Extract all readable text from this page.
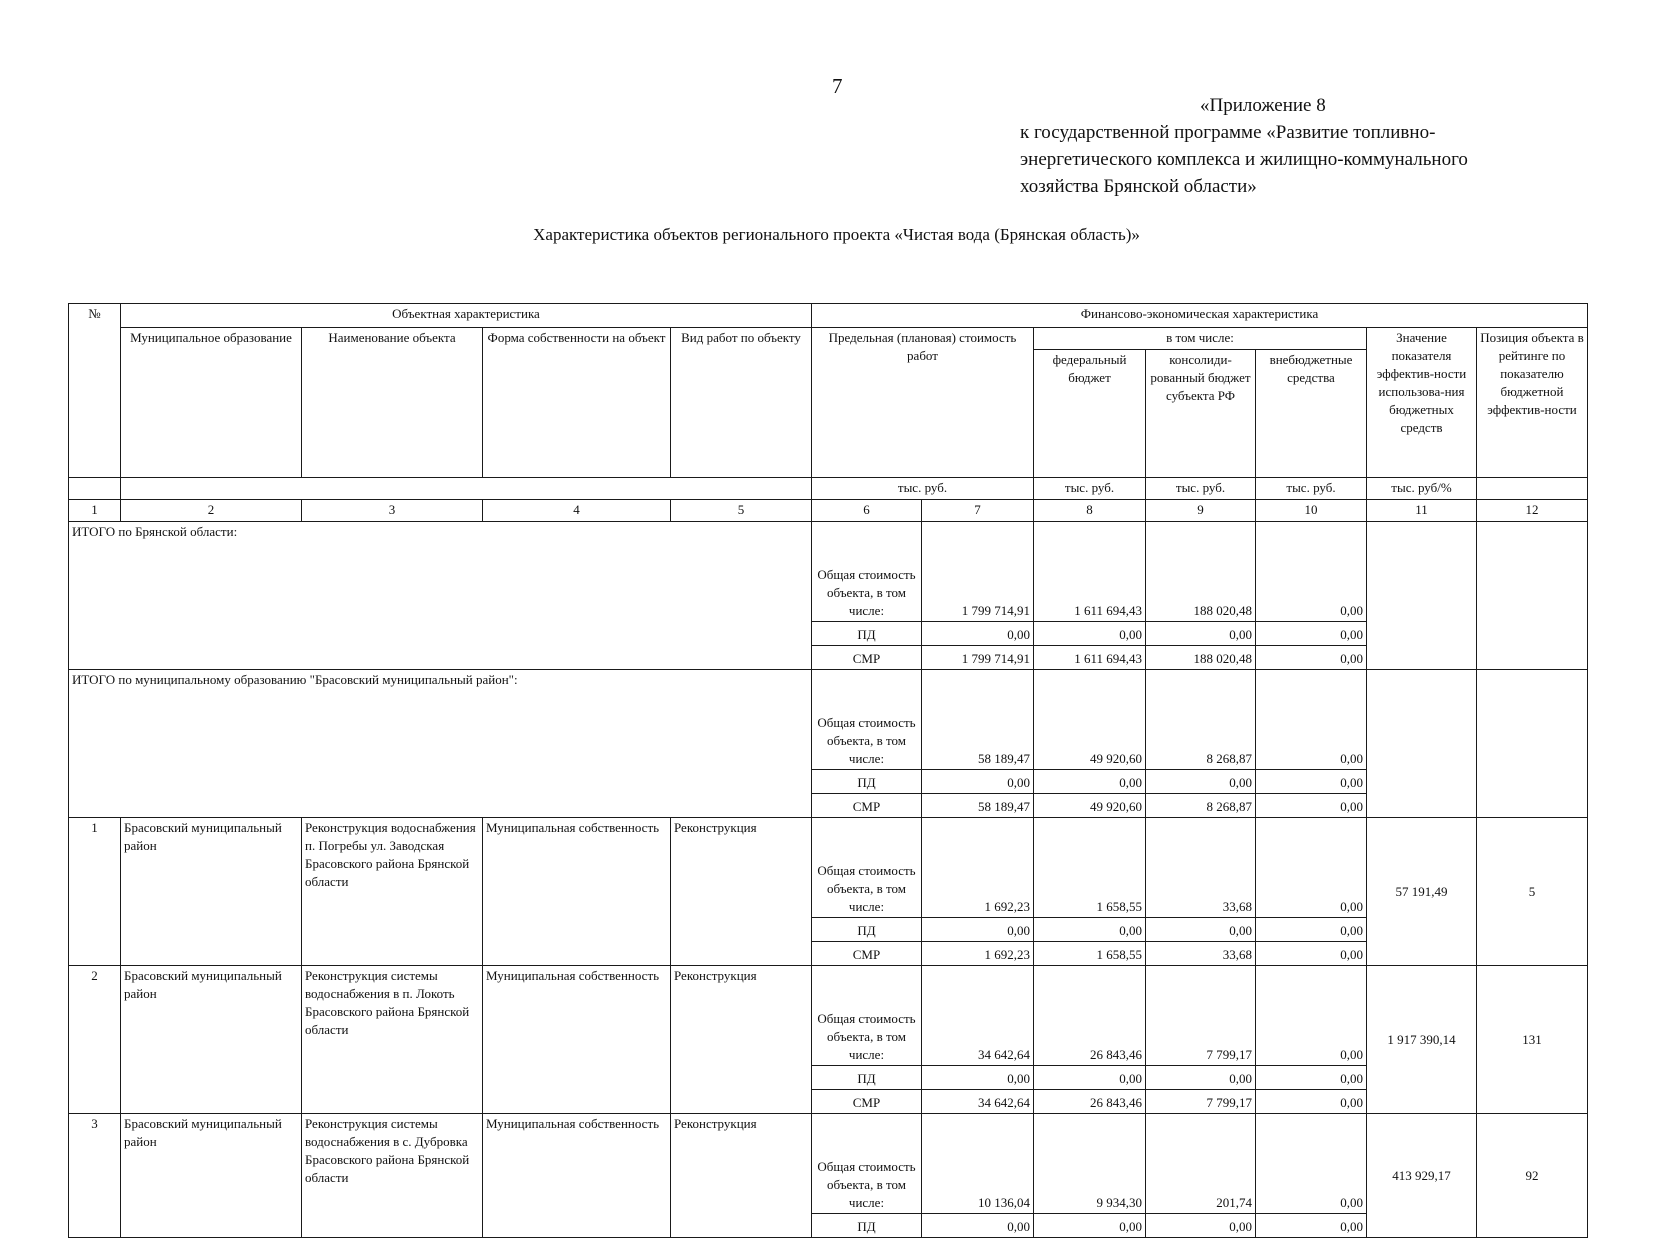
7
«Приложение 8
к государственной программе «Развитие топливно-
энергетического комплекса и жилищно-коммунального
хозяйства Брянской области»
Характеристика объектов регионального проекта «Чистая вода (Брянская область)»
№	Объектная характеристика				Финансово-экономическая характеристика						
	Муниципальное образование	Наименование объекта	Форма собственности на объект	Вид работ по объекту	Предельная (плановая) стоимость работ		в том числе:			Значение показателя эффектив-ности использова-ния бюджетных средств	Позиция объекта в рейтинге по показателю бюджетной эффектив-ности
							федеральный бюджет	консолиди-рованный бюджет субъекта РФ	внебюджетные средства		
					тыс. руб.		тыс. руб.	тыс. руб.	тыс. руб.	тыс. руб/%	
1	2	3	4	5	6	7	8	9	10	11	12
ИТОГО по Брянской области:					Общая стоимость объекта, в том числе:	1 799 714,91	1 611 694,43	188 020,48	0,00		
					ПД	0,00	0,00	0,00	0,00		
					СМР	1 799 714,91	1 611 694,43	188 020,48	0,00		
ИТОГО по муниципальному образованию "Брасовский муниципальный район":					Общая стоимость объекта, в том числе:	58 189,47	49 920,60	8 268,87	0,00		
					ПД	0,00	0,00	0,00	0,00		
					СМР	58 189,47	49 920,60	8 268,87	0,00		
1	Брасовский муниципальный район	Реконструкция водоснабжения п. Погребы ул. Заводская Брасовского района Брянской области	Муниципальная собственность	Реконструкция	Общая стоимость объекта, в том числе:	1 692,23	1 658,55	33,68	0,00	57 191,49	5
					ПД	0,00	0,00	0,00	0,00		
					СМР	1 692,23	1 658,55	33,68	0,00		
2	Брасовский муниципальный район	Реконструкция системы водоснабжения в п. Локоть Брасовского района Брянской области	Муниципальная собственность	Реконструкция	Общая стоимость объекта, в том числе:	34 642,64	26 843,46	7 799,17	0,00	1 917 390,14	131
					ПД	0,00	0,00	0,00	0,00		
					СМР	34 642,64	26 843,46	7 799,17	0,00		
3	Брасовский муниципальный район	Реконструкция системы водоснабжения в с. Дубровка Брасовского района Брянской области	Муниципальная собственность	Реконструкция	Общая стоимость объекта, в том числе:	10 136,04	9 934,30	201,74	0,00	413 929,17	92
					ПД	0,00	0,00	0,00	0,00		
